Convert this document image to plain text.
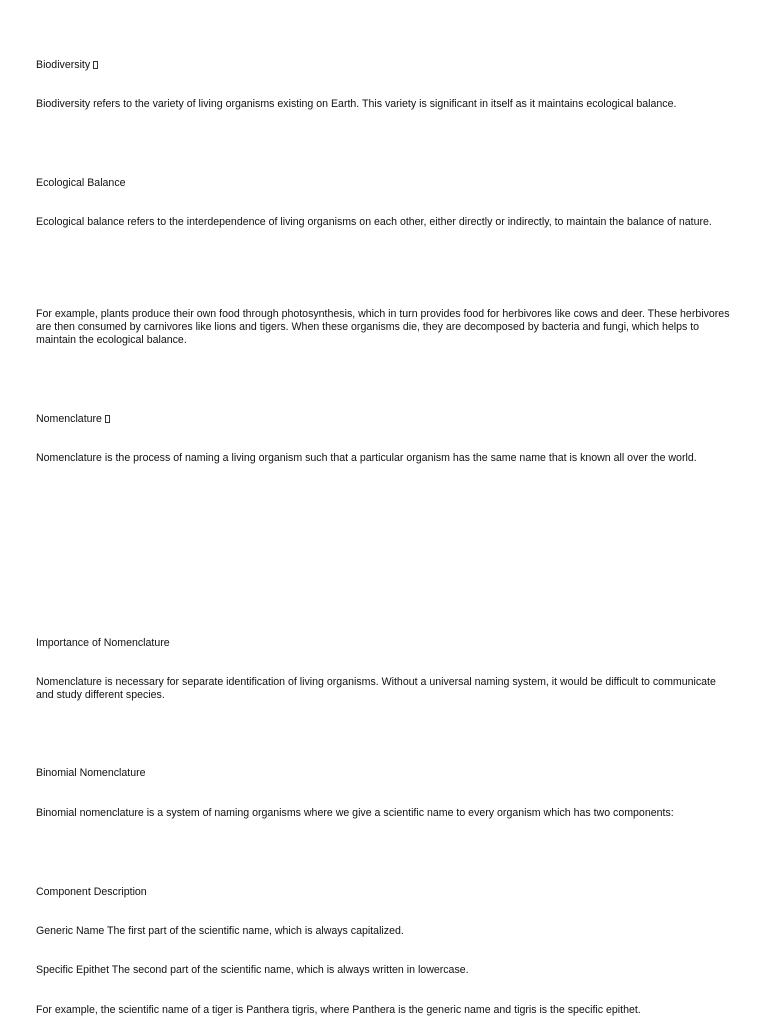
Biodiversity

Biodiversity refers to the variety of living organisms existing on Earth. This variety is significant in itself as it maintains ecological balance.

Ecological Balance

Ecological balance refers to the interdependence of living organisms on each other, either directly or indirectly, to maintain the balance of nature.

For example, plants produce their own food through photosynthesis, which in turn provides food for herbivores like cows and deer. These herbivores are then consumed by carnivores like lions and tigers. When these organisms die, they are decomposed by bacteria and fungi, which helps to maintain the ecological balance.

Nomenclature

Nomenclature is the process of naming a living organism such that a particular organism has the same name that is known all over the world.

Importance of Nomenclature

Nomenclature is necessary for separate identification of living organisms. Without a universal naming system, it would be difficult to communicate and study different species.

Binomial Nomenclature

Binomial nomenclature is a system of naming organisms where we give a scientific name to every organism which has two components:

Component Description

Generic Name The first part of the scientific name, which is always capitalized.

Specific Epithet The second part of the scientific name, which is always written in lowercase.

For example, the scientific name of a tiger is Panthera tigris, where Panthera is the generic name and tigris is the specific epithet.
